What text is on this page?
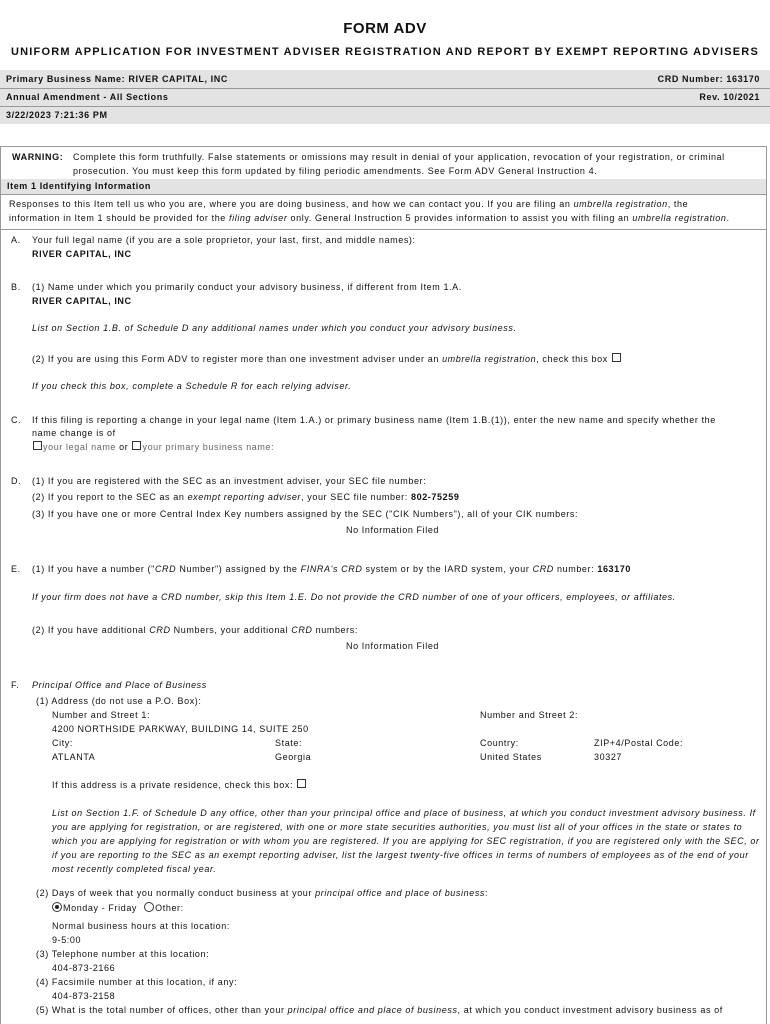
FORM ADV
UNIFORM APPLICATION FOR INVESTMENT ADVISER REGISTRATION AND REPORT BY EXEMPT REPORTING ADVISERS
Primary Business Name: RIVER CAPITAL, INC	CRD Number: 163170
Annual Amendment - All Sections	Rev. 10/2021
3/22/2023 7:21:36 PM
WARNING: Complete this form truthfully. False statements or omissions may result in denial of your application, revocation of your registration, or criminal
prosecution. You must keep this form updated by filing periodic amendments. See Form ADV General Instruction 4.
Item 1 Identifying Information
Responses to this Item tell us who you are, where you are doing business, and how we can contact you. If you are filing an umbrella registration, the
information in Item 1 should be provided for the filing adviser only. General Instruction 5 provides information to assist you with filing an umbrella registration.
A. Your full legal name (if you are a sole proprietor, your last, first, and middle names):
RIVER CAPITAL, INC
B. (1) Name under which you primarily conduct your advisory business, if different from Item 1.A.
RIVER CAPITAL, INC
List on Section 1.B. of Schedule D any additional names under which you conduct your advisory business.
(2) If you are using this Form ADV to register more than one investment adviser under an umbrella registration, check this box
If you check this box, complete a Schedule R for each relying adviser.
C. If this filing is reporting a change in your legal name (Item 1.A.) or primary business name (Item 1.B.(1)), enter the new name and specify whether the
name change is of
your legal name or your primary business name:
D. (1) If you are registered with the SEC as an investment adviser, your SEC file number:
(2) If you report to the SEC as an exempt reporting adviser, your SEC file number: 802-75259
(3) If you have one or more Central Index Key numbers assigned by the SEC ("CIK Numbers"), all of your CIK numbers:
No Information Filed
E. (1) If you have a number ("CRD Number") assigned by the FINRA's CRD system or by the IARD system, your CRD number: 163170
If your firm does not have a CRD number, skip this Item 1.E. Do not provide the CRD number of one of your officers, employees, or affiliates.
(2) If you have additional CRD Numbers, your additional CRD numbers:
No Information Filed
F. Principal Office and Place of Business
(1) Address (do not use a P.O. Box):
Number and Street 1:	Number and Street 2:
4200 NORTHSIDE PARKWAY, BUILDING 14, SUITE 250
City:	State:	Country:	ZIP+4/Postal Code:
ATLANTA	Georgia	United States	30327
If this address is a private residence, check this box:
List on Section 1.F. of Schedule D any office, other than your principal office and place of business, at which you conduct investment advisory business. If
you are applying for registration, or are registered, with one or more state securities authorities, you must list all of your offices in the state or states to
which you are applying for registration or with whom you are registered. If you are applying for SEC registration, if you are registered only with the SEC, or
if you are reporting to the SEC as an exempt reporting adviser, list the largest twenty-five offices in terms of numbers of employees as of the end of your
most recently completed fiscal year.
(2) Days of week that you normally conduct business at your principal office and place of business:
Monday - Friday Other:
Normal business hours at this location:
9-5:00
(3) Telephone number at this location:
404-873-2166
(4) Facsimile number at this location, if any:
404-873-2158
(5) What is the total number of offices, other than your principal office and place of business, at which you conduct investment advisory business as of
